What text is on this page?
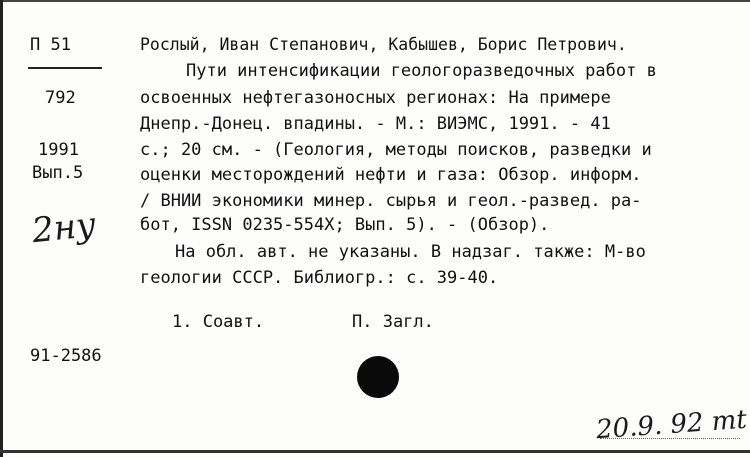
П 51
792
1991
Вып.5
2ну
91-2586
Рослый, Иван Степанович, Кабышев, Борис Петрович.
Пути интенсификации геологоразведочных работ в
освоенных нефтегазоносных регионах: На примере
Днепр.-Донец. впадины. - М.: ВИЭМС, 1991. - 41
с.; 20 см. - (Геология, методы поисков, разведки и
оценки месторождений нефти и газа: Обзор. информ.
/ ВНИИ экономики минер. сырья и геол.-развед. ра-
бот, ISSN 0235-554X; Вып. 5). - (Обзор).
На обл. авт. не указаны. В надзаг. также: М-во
геологии СССР. Библиогр.: с. 39-40.
1. Соавт.	П. Загл.
20.9. 92 mt
